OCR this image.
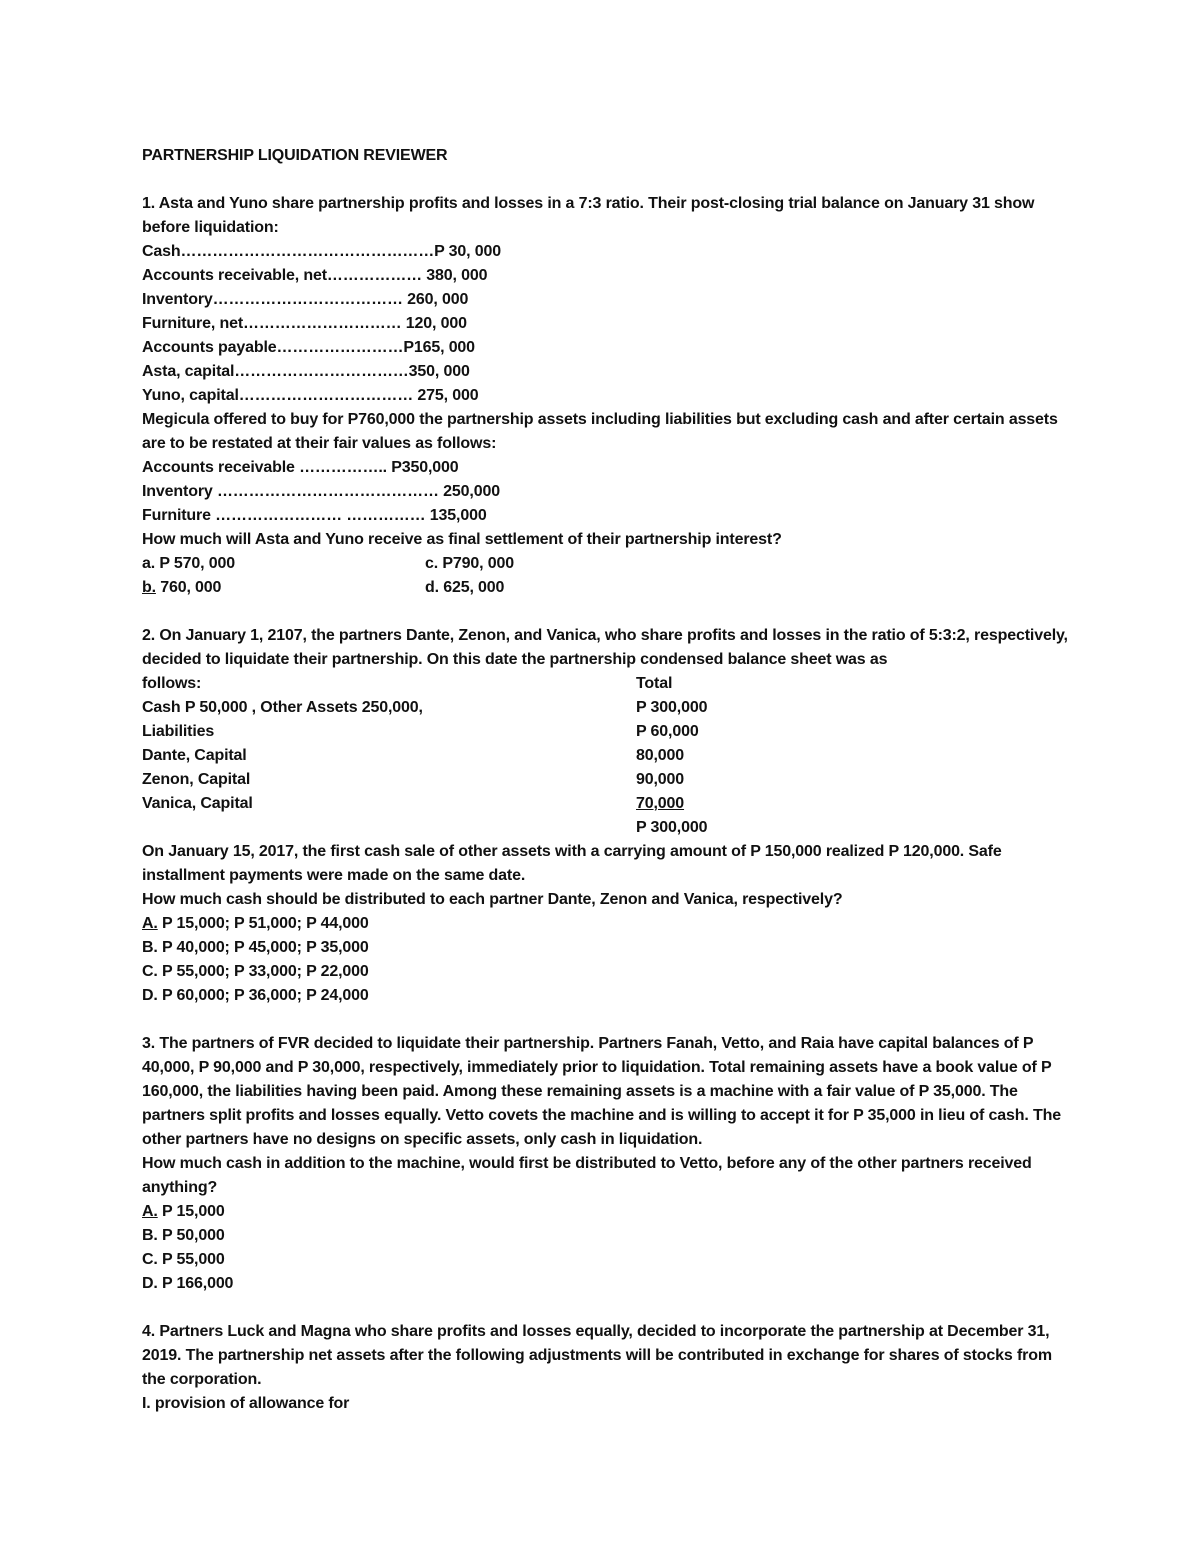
PARTNERSHIP LIQUIDATION REVIEWER
1. Asta and Yuno share partnership profits and losses in a 7:3 ratio. Their post-closing trial balance on January 31 show before liquidation:
Cash…………………………………………P 30, 000
Accounts receivable, net……………… 380, 000
Inventory……………………………… 260, 000
Furniture, net………………………… 120, 000
Accounts payable……………………P165, 000
Asta, capital……………………………350, 000
Yuno, capital…………………………… 275, 000
Megicula offered to buy for P760,000 the partnership assets including liabilities but excluding cash and after certain assets are to be restated at their fair values as follows:
Accounts receivable …………….. P350,000
Inventory …………………………………… 250,000
Furniture …………………… …………… 135,000
How much will Asta and Yuno receive as final settlement of their partnership interest?
a. P 570, 000	c. P790, 000
b. 760, 000	d. 625, 000
2. On January 1, 2107, the partners Dante, Zenon, and Vanica, who share profits and losses in the ratio of 5:3:2, respectively, decided to liquidate their partnership. On this date the partnership condensed balance sheet was as
follows:	Total
Cash P 50,000 , Other Assets 250,000,	P 300,000
Liabilities	P 60,000
Dante, Capital	80,000
Zenon, Capital	90,000
Vanica, Capital	70,000
P 300,000
On January 15, 2017, the first cash sale of other assets with a carrying amount of P 150,000 realized P 120,000. Safe installment payments were made on the same date.
How much cash should be distributed to each partner Dante, Zenon and Vanica, respectively?
A. P 15,000; P 51,000; P 44,000
B. P 40,000; P 45,000; P 35,000
C. P 55,000; P 33,000; P 22,000
D. P 60,000; P 36,000; P 24,000
3. The partners of FVR decided to liquidate their partnership. Partners Fanah, Vetto, and Raia have capital balances of P 40,000, P 90,000 and P 30,000, respectively, immediately prior to liquidation. Total remaining assets have a book value of P 160,000, the liabilities having been paid. Among these remaining assets is a machine with a fair value of P 35,000. The partners split profits and losses equally. Vetto covets the machine and is willing to accept it for P 35,000 in lieu of cash. The other partners have no designs on specific assets, only cash in liquidation.
How much cash in addition to the machine, would first be distributed to Vetto, before any of the other partners received anything?
A. P 15,000
B. P 50,000
C. P 55,000
D. P 166,000
4. Partners Luck and Magna who share profits and losses equally, decided to incorporate the partnership at December 31, 2019. The partnership net assets after the following adjustments will be contributed in exchange for shares of stocks from the corporation.
I. provision of allowance for
